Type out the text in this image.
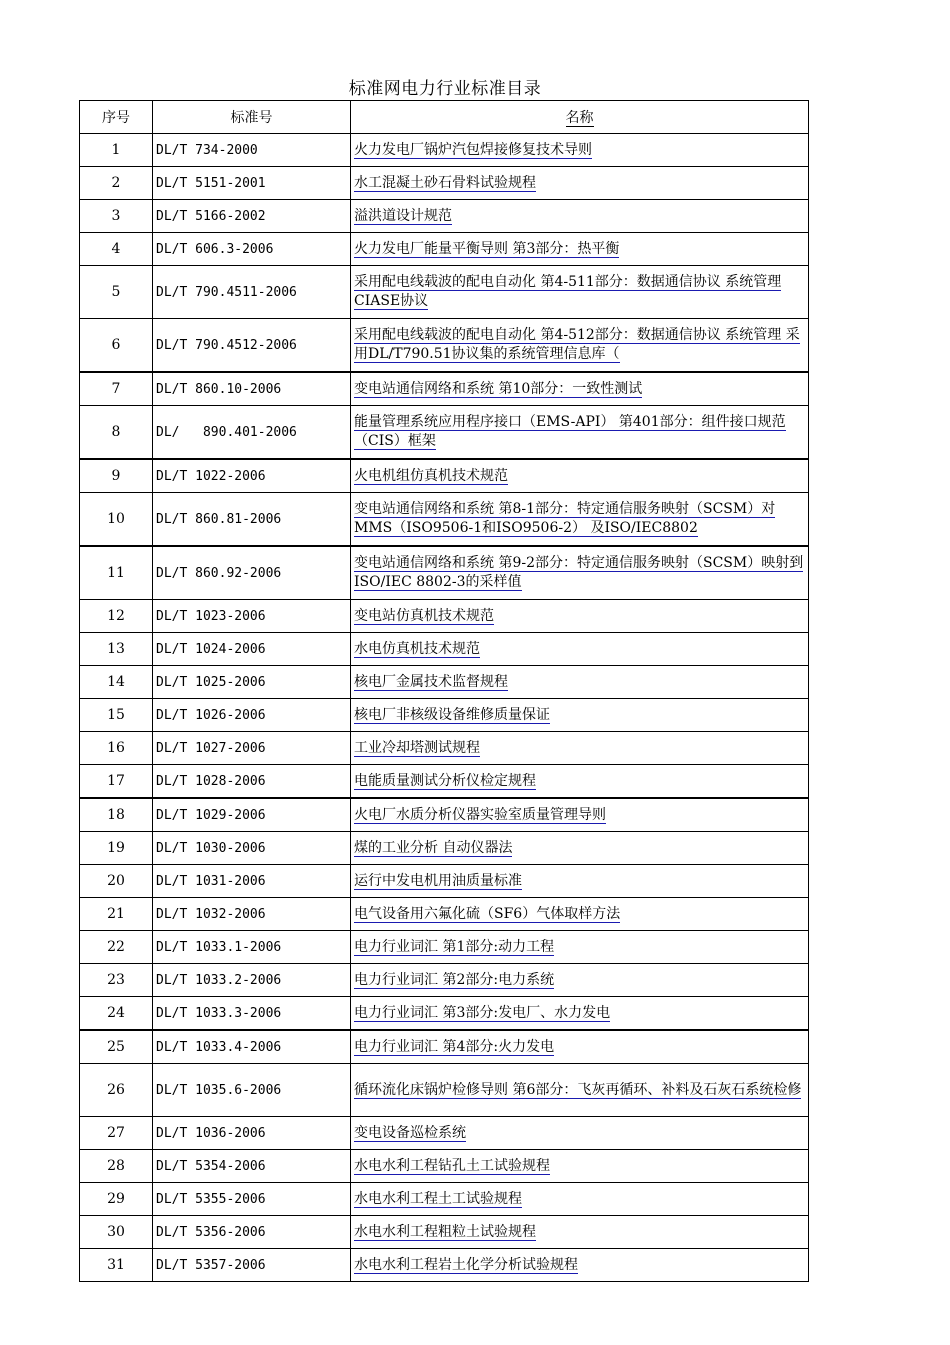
标准网电力行业标准目录
序号	标准号	名称
1	DL/T 734-2000	火力发电厂锅炉汽包焊接修复技术导则
2	DL/T 5151-2001	水工混凝土砂石骨料试验规程
3	DL/T 5166-2002	溢洪道设计规范
4	DL/T 606.3-2006	火力发电厂能量平衡导则 第3部分：热平衡
5	DL/T 790.4511-2006	采用配电线载波的配电自动化 第4-511部分：数据通信协议 系统管理 CIASE协议
6	DL/T 790.4512-2006	采用配电线载波的配电自动化 第4-512部分：数据通信协议 系统管理 采用DL/T790.51协议集的系统管理信息库（
7	DL/T 860.10-2006	变电站通信网络和系统 第10部分：一致性测试
8	DL/   890.401-2006	能量管理系统应用程序接口（EMS-API） 第401部分：组件接口规范（CIS）框架
9	DL/T 1022-2006	火电机组仿真机技术规范
10	DL/T 860.81-2006	变电站通信网络和系统 第8-1部分：特定通信服务映射（SCSM）对MMS（ISO9506-1和ISO9506-2） 及ISO/IEC8802
11	DL/T 860.92-2006	变电站通信网络和系统 第9-2部分：特定通信服务映射（SCSM）映射到ISO/IEC 8802-3的采样值
12	DL/T 1023-2006	变电站仿真机技术规范
13	DL/T 1024-2006	水电仿真机技术规范
14	DL/T 1025-2006	核电厂金属技术监督规程
15	DL/T 1026-2006	核电厂非核级设备维修质量保证
16	DL/T 1027-2006	工业冷却塔测试规程
17	DL/T 1028-2006	电能质量测试分析仪检定规程
18	DL/T 1029-2006	火电厂水质分析仪器实验室质量管理导则
19	DL/T 1030-2006	煤的工业分析 自动仪器法
20	DL/T 1031-2006	运行中发电机用油质量标准
21	DL/T 1032-2006	电气设备用六氟化硫（SF6）气体取样方法
22	DL/T 1033.1-2006	电力行业词汇 第1部分:动力工程
23	DL/T 1033.2-2006	电力行业词汇 第2部分:电力系统
24	DL/T 1033.3-2006	电力行业词汇 第3部分:发电厂、水力发电
25	DL/T 1033.4-2006	电力行业词汇 第4部分:火力发电
26	DL/T 1035.6-2006	循环流化床锅炉检修导则 第6部分：飞灰再循环、补料及石灰石系统检修
27	DL/T 1036-2006	变电设备巡检系统
28	DL/T 5354-2006	水电水利工程钻孔土工试验规程
29	DL/T 5355-2006	水电水利工程土工试验规程
30	DL/T 5356-2006	水电水利工程粗粒土试验规程
31	DL/T 5357-2006	水电水利工程岩土化学分析试验规程
